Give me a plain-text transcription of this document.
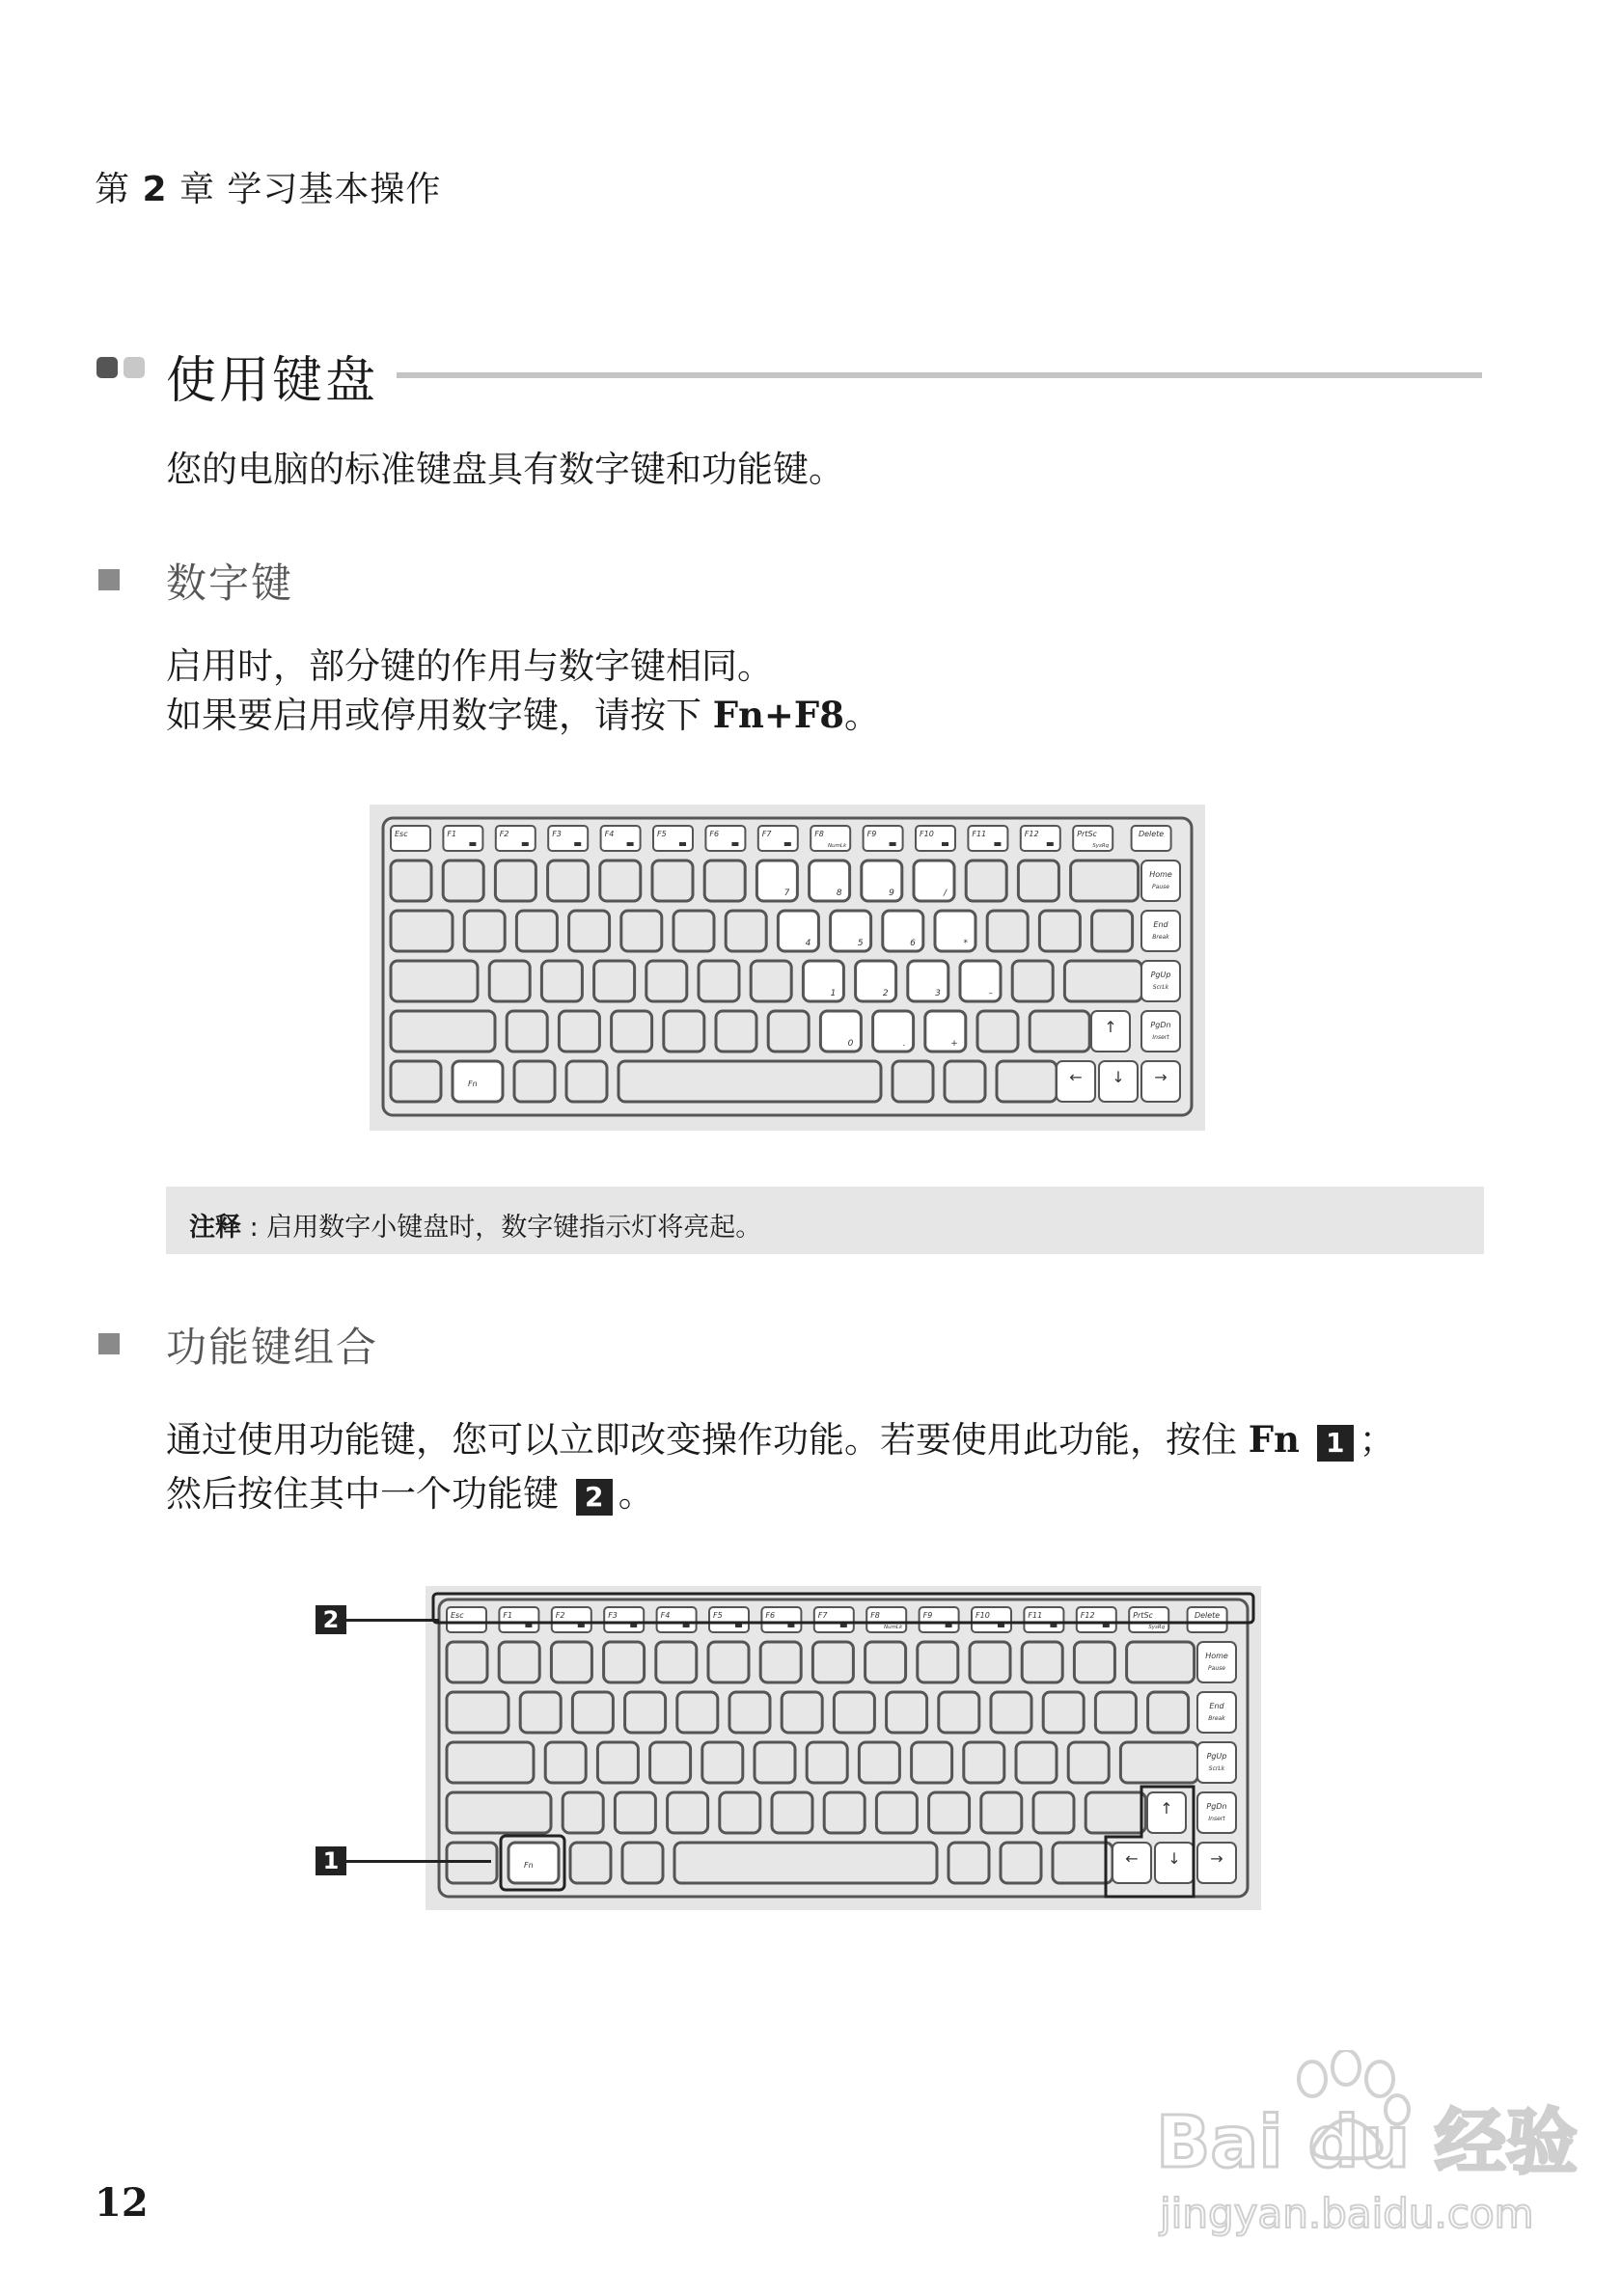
第 2 章 学习基本操作
使用键盘
您的电脑的标准键盘具有数字键和功能键。
数字键
启用时，部分键的作用与数字键相同。
如果要启用或停用数字键，请按下 Fn+F8。
Esc	F1	F2	F3	F4	F5	F6	F7	F8
NumLk
F9	F10	F11	F12	PrtSc
SysRq
Delete
7	8	9	/
4	5	6	*
1	2	3	–
0	.	+
Home
Pause
End
Break
PgUp
ScrLk
PgDn
Insert
↑
Fn	← ↓ →
注释 : 启用数字小键盘时，数字键指示灯将亮起。
功能键组合
通过使用功能键，您可以立即改变操作功能。若要使用此功能，按住 Fn 1 ；
然后按住其中一个功能键 2 。
Esc	F1	F2	F3	F4	F5	F6	F7	F8
NumLk
F9	F10	F11	F12	PrtSc
SysRq
Delete
Home
Pause
End
Break
PgUp
ScrLk
PgDn
Insert
↑
Fn	← ↓ →
2
1
12
Bai du 经验
jingyan.baidu.com
